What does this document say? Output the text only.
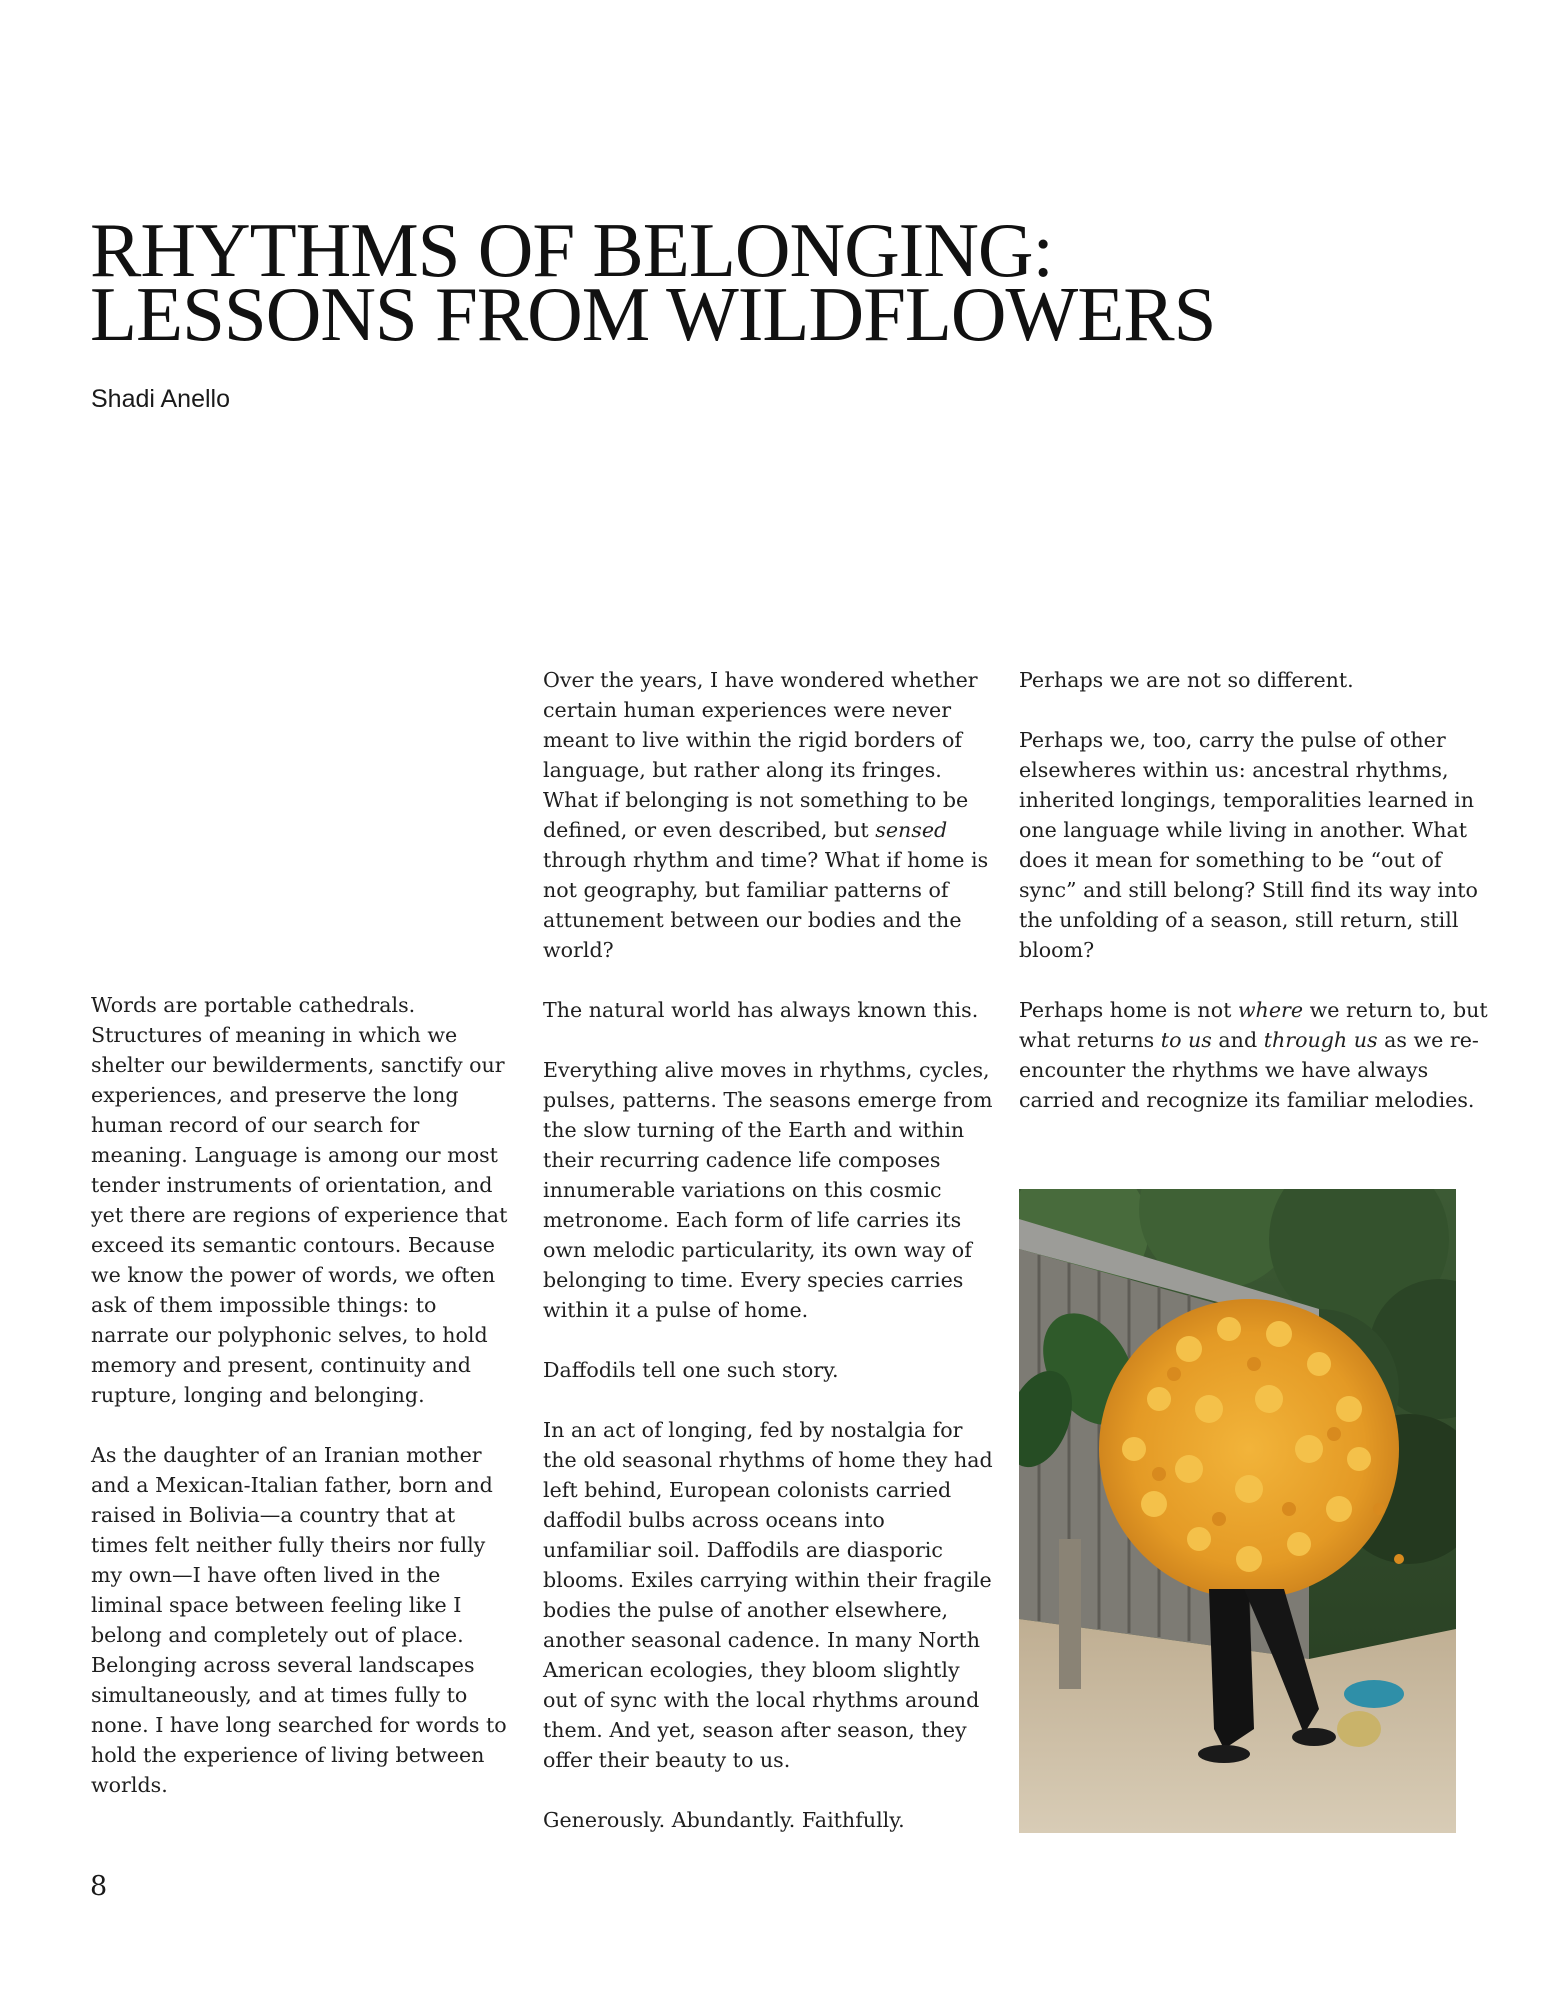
RHYTHMS OF BELONGING:
LESSONS FROM WILDFLOWERS
Shadi Anello

Words are portable cathedrals. Structures of meaning in which we shelter our bewilderments, sanctify our experiences, and preserve the long human record of our search for meaning. Language is among our most tender instruments of orientation, and yet there are regions of experience that exceed its semantic contours. Because we know the power of words, we often ask of them impossible things: to narrate our polyphonic selves, to hold memory and present, continuity and rupture, longing and belonging.

As the daughter of an Iranian mother and a Mexican-Italian father, born and raised in Bolivia—a country that at times felt neither fully theirs nor fully my own—I have often lived in the liminal space between feeling like I belong and completely out of place. Belonging across several landscapes simultaneously, and at times fully to none. I have long searched for words to hold the experience of living between worlds.

Over the years, I have wondered whether certain human experiences were never meant to live within the rigid borders of language, but rather along its fringes. What if belonging is not something to be defined, or even described, but sensed through rhythm and time? What if home is not geography, but familiar patterns of attunement between our bodies and the world?

The natural world has always known this.

Everything alive moves in rhythms, cycles, pulses, patterns. The seasons emerge from the slow turning of the Earth and within their recurring cadence life composes innumerable variations on this cosmic metronome. Each form of life carries its own melodic particularity, its own way of belonging to time. Every species carries within it a pulse of home.

Daffodils tell one such story.

In an act of longing, fed by nostalgia for the old seasonal rhythms of home they had left behind, European colonists carried daffodil bulbs across oceans into unfamiliar soil. Daffodils are diasporic blooms. Exiles carrying within their fragile bodies the pulse of another elsewhere, another seasonal cadence. In many North American ecologies, they bloom slightly out of sync with the local rhythms around them. And yet, season after season, they offer their beauty to us.

Generously. Abundantly. Faithfully.

Perhaps we are not so different.

Perhaps we, too, carry the pulse of other elsewheres within us: ancestral rhythms, inherited longings, temporalities learned in one language while living in another. What does it mean for something to be “out of sync” and still belong? Still find its way into the unfolding of a season, still return, still bloom?

Perhaps home is not where we return to, but what returns to us and through us as we re-encounter the rhythms we have always carried and recognize its familiar melodies.

8
